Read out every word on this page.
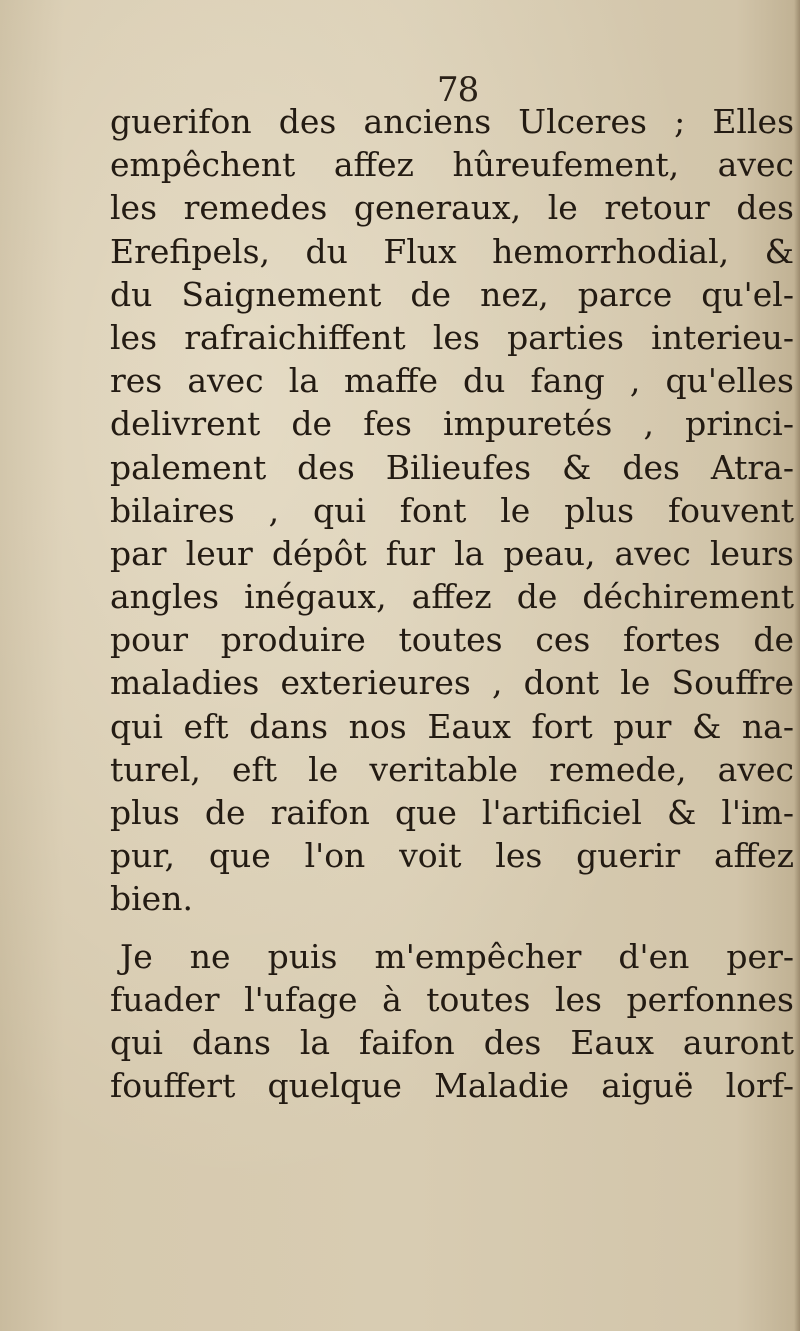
78
guerifon des anciens Ulceres ; Elles
empêchent affez hûreufement, avec
les remedes generaux, le retour des
Erefipels, du Flux hemorrhodial, &
du Saignement de nez, parce qu'el-
les rafraichiffent les parties interieu-
res avec la maffe du fang , qu'elles
delivrent de fes impuretés , princi-
palement des Bilieufes & des Atra-
bilaires , qui font le plus fouvent
par leur dépôt fur la peau, avec leurs
angles inégaux, affez de déchirement
pour produire toutes ces fortes de
maladies exterieures , dont le Souffre
qui eft dans nos Eaux fort pur & na-
turel, eft le veritable remede, avec
plus de raifon que l'artificiel & l'im-
pur, que l'on voit les guerir affez
bien.
Je ne puis m'empêcher d'en per-
fuader l'ufage à toutes les perfonnes
qui dans la faifon des Eaux auront
fouffert quelque Maladie aiguë lorf-
